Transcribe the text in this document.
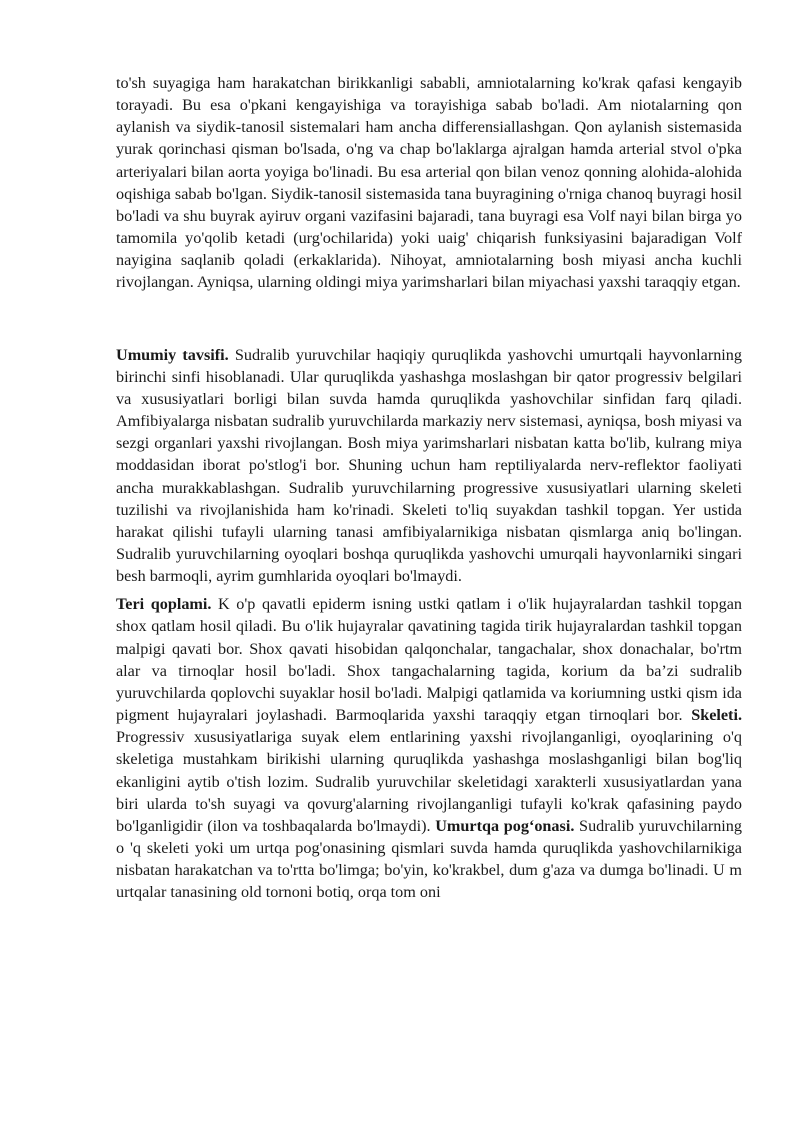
to'sh suyagiga ham harakatchan birikkanligi sababli, amniotalarning ko'krak qafasi kengayib torayadi. Bu esa o'pkani kengayishiga va torayishiga sabab bo'ladi. Am niotalarning qon aylanish va siydik-tanosil sistemalari ham ancha differensiallashgan. Qon aylanish sistemasida yurak qorinchasi qisman bo'lsada, o'ng va chap bo'laklarga ajralgan hamda arterial stvol o'pka arteriyalari bilan aorta yoyiga bo'linadi. Bu esa arterial qon bilan venoz qonning alohida-alohida oqishiga sabab bo'lgan. Siydik-tanosil sistemasida tana buyragining o'rniga chanoq buyragi hosil bo'ladi va shu buyrak ayiruv organi vazifasini bajaradi, tana buyragi esa Volf nayi bilan birga yo tamomila yo'qolib ketadi (urg'ochilarida) yoki uaig' chiqarish funksiyasini bajaradigan Volf nayigina saqlanib qoladi (erkaklarida). Nihoyat, amniotalarning bosh miyasi ancha kuchli rivojlangan. Ayniqsa, ularning oldingi miya yarimsharlari bilan miyachasi yaxshi taraqqiy etgan.

Umumiy tavsifi. Sudralib yuruvchilar haqiqiy quruqlikda yashovchi umurtqali hayvonlarning birinchi sinfi hisoblanadi. Ular quruqlikda yashashga moslashgan bir qator progressiv belgilari va xususiyatlari borligi bilan suvda hamda quruqlikda yashovchilar sinfidan farq qiladi. Amfibiyalarga nisbatan sudralib yuruvchilarda markaziy nerv sistemasi, ayniqsa, bosh miyasi va sezgi organlari yaxshi rivojlangan. Bosh miya yarimsharlari nisbatan katta bo'lib, kulrang miya moddasidan iborat po'stlog'i bor. Shuning uchun ham reptiliyalarda nerv-reflektor faoliyati ancha murakkablashgan. Sudralib yuruvchilarning progressive xususiyatlari ularning skeleti tuzilishi va rivojlanishida ham ko'rinadi. Skeleti to'liq suyakdan tashkil topgan. Yer ustida harakat qilishi tufayli ularning tanasi amfibiyalarnikiga nisbatan qismlarga aniq bo'lingan. Sudralib yuruvchilarning oyoqlari boshqa quruqlikda yashovchi umurqali hayvonlarniki singari besh barmoqli, ayrim gumhlarida oyoqlari bo'lmaydi.

Teri qoplami. K o'p qavatli epiderm isning ustki qatlam i o'lik hujayralardan tashkil topgan shox qatlam hosil qiladi. Bu o'lik hujayralar qavatining tagida tirik hujayralardan tashkil topgan malpigi qavati bor. Shox qavati hisobidan qalqonchalar, tangachalar, shox donachalar, bo'rtm alar va tirnoqlar hosil bo'ladi. Shox tangachalarning tagida, korium da ba’zi sudralib yuruvchilarda qoplovchi suyaklar hosil bo'ladi. Malpigi qatlamida va koriumning ustki qism ida pigment hujayralari joylashadi. Barmoqlarida yaxshi taraqqiy etgan tirnoqlari bor. Skeleti. Progressiv xususiyatlariga suyak elem entlarining yaxshi rivojlanganligi, oyoqlarining o'q skeletiga mustahkam birikishi ularning quruqlikda yashashga moslashganligi bilan bog'liq ekanligini aytib o'tish lozim. Sudralib yuruvchilar skeletidagi xarakterli xususiyatlardan yana biri ularda to'sh suyagi va qovurg'alarning rivojlanganligi tufayli ko'krak qafasining paydo bo'lganligidir (ilon va toshbaqalarda bo'lmaydi). Umurtqa pog‘onasi. Sudralib yuruvchilarning o 'q skeleti yoki um urtqa pog'onasining qismlari suvda hamda quruqlikda yashovchilarnikiga nisbatan harakatchan va to'rtta bo'limga; bo'yin, ko'krakbel, dum g'aza va dumga bo'linadi. U m urtqalar tanasining old tornoni botiq, orqa tom oni
